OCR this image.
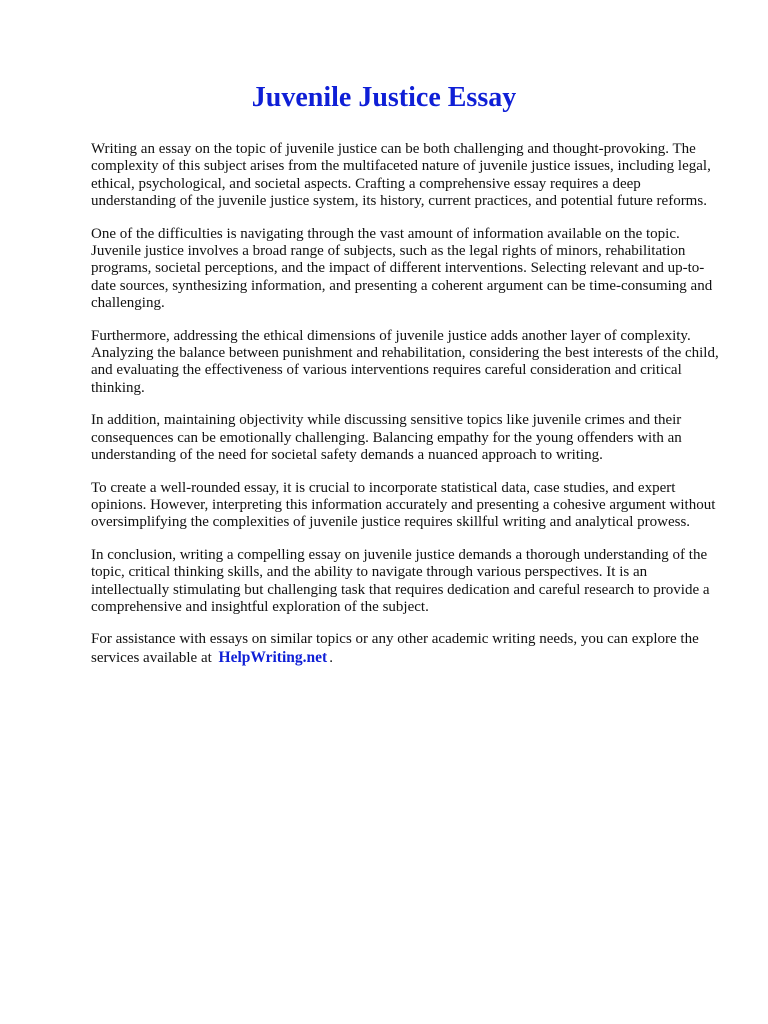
Juvenile Justice Essay

Writing an essay on the topic of juvenile justice can be both challenging and thought-provoking. The complexity of this subject arises from the multifaceted nature of juvenile justice issues, including legal, ethical, psychological, and societal aspects. Crafting a comprehensive essay requires a deep understanding of the juvenile justice system, its history, current practices, and potential future reforms.

One of the difficulties is navigating through the vast amount of information available on the topic. Juvenile justice involves a broad range of subjects, such as the legal rights of minors, rehabilitation programs, societal perceptions, and the impact of different interventions. Selecting relevant and up-to-date sources, synthesizing information, and presenting a coherent argument can be time-consuming and challenging.

Furthermore, addressing the ethical dimensions of juvenile justice adds another layer of complexity. Analyzing the balance between punishment and rehabilitation, considering the best interests of the child, and evaluating the effectiveness of various interventions requires careful consideration and critical thinking.

In addition, maintaining objectivity while discussing sensitive topics like juvenile crimes and their consequences can be emotionally challenging. Balancing empathy for the young offenders with an understanding of the need for societal safety demands a nuanced approach to writing.

To create a well-rounded essay, it is crucial to incorporate statistical data, case studies, and expert opinions. However, interpreting this information accurately and presenting a cohesive argument without oversimplifying the complexities of juvenile justice requires skillful writing and analytical prowess.

In conclusion, writing a compelling essay on juvenile justice demands a thorough understanding of the topic, critical thinking skills, and the ability to navigate through various perspectives. It is an intellectually stimulating but challenging task that requires dedication and careful research to provide a comprehensive and insightful exploration of the subject.

For assistance with essays on similar topics or any other academic writing needs, you can explore the services available at HelpWriting.net .
